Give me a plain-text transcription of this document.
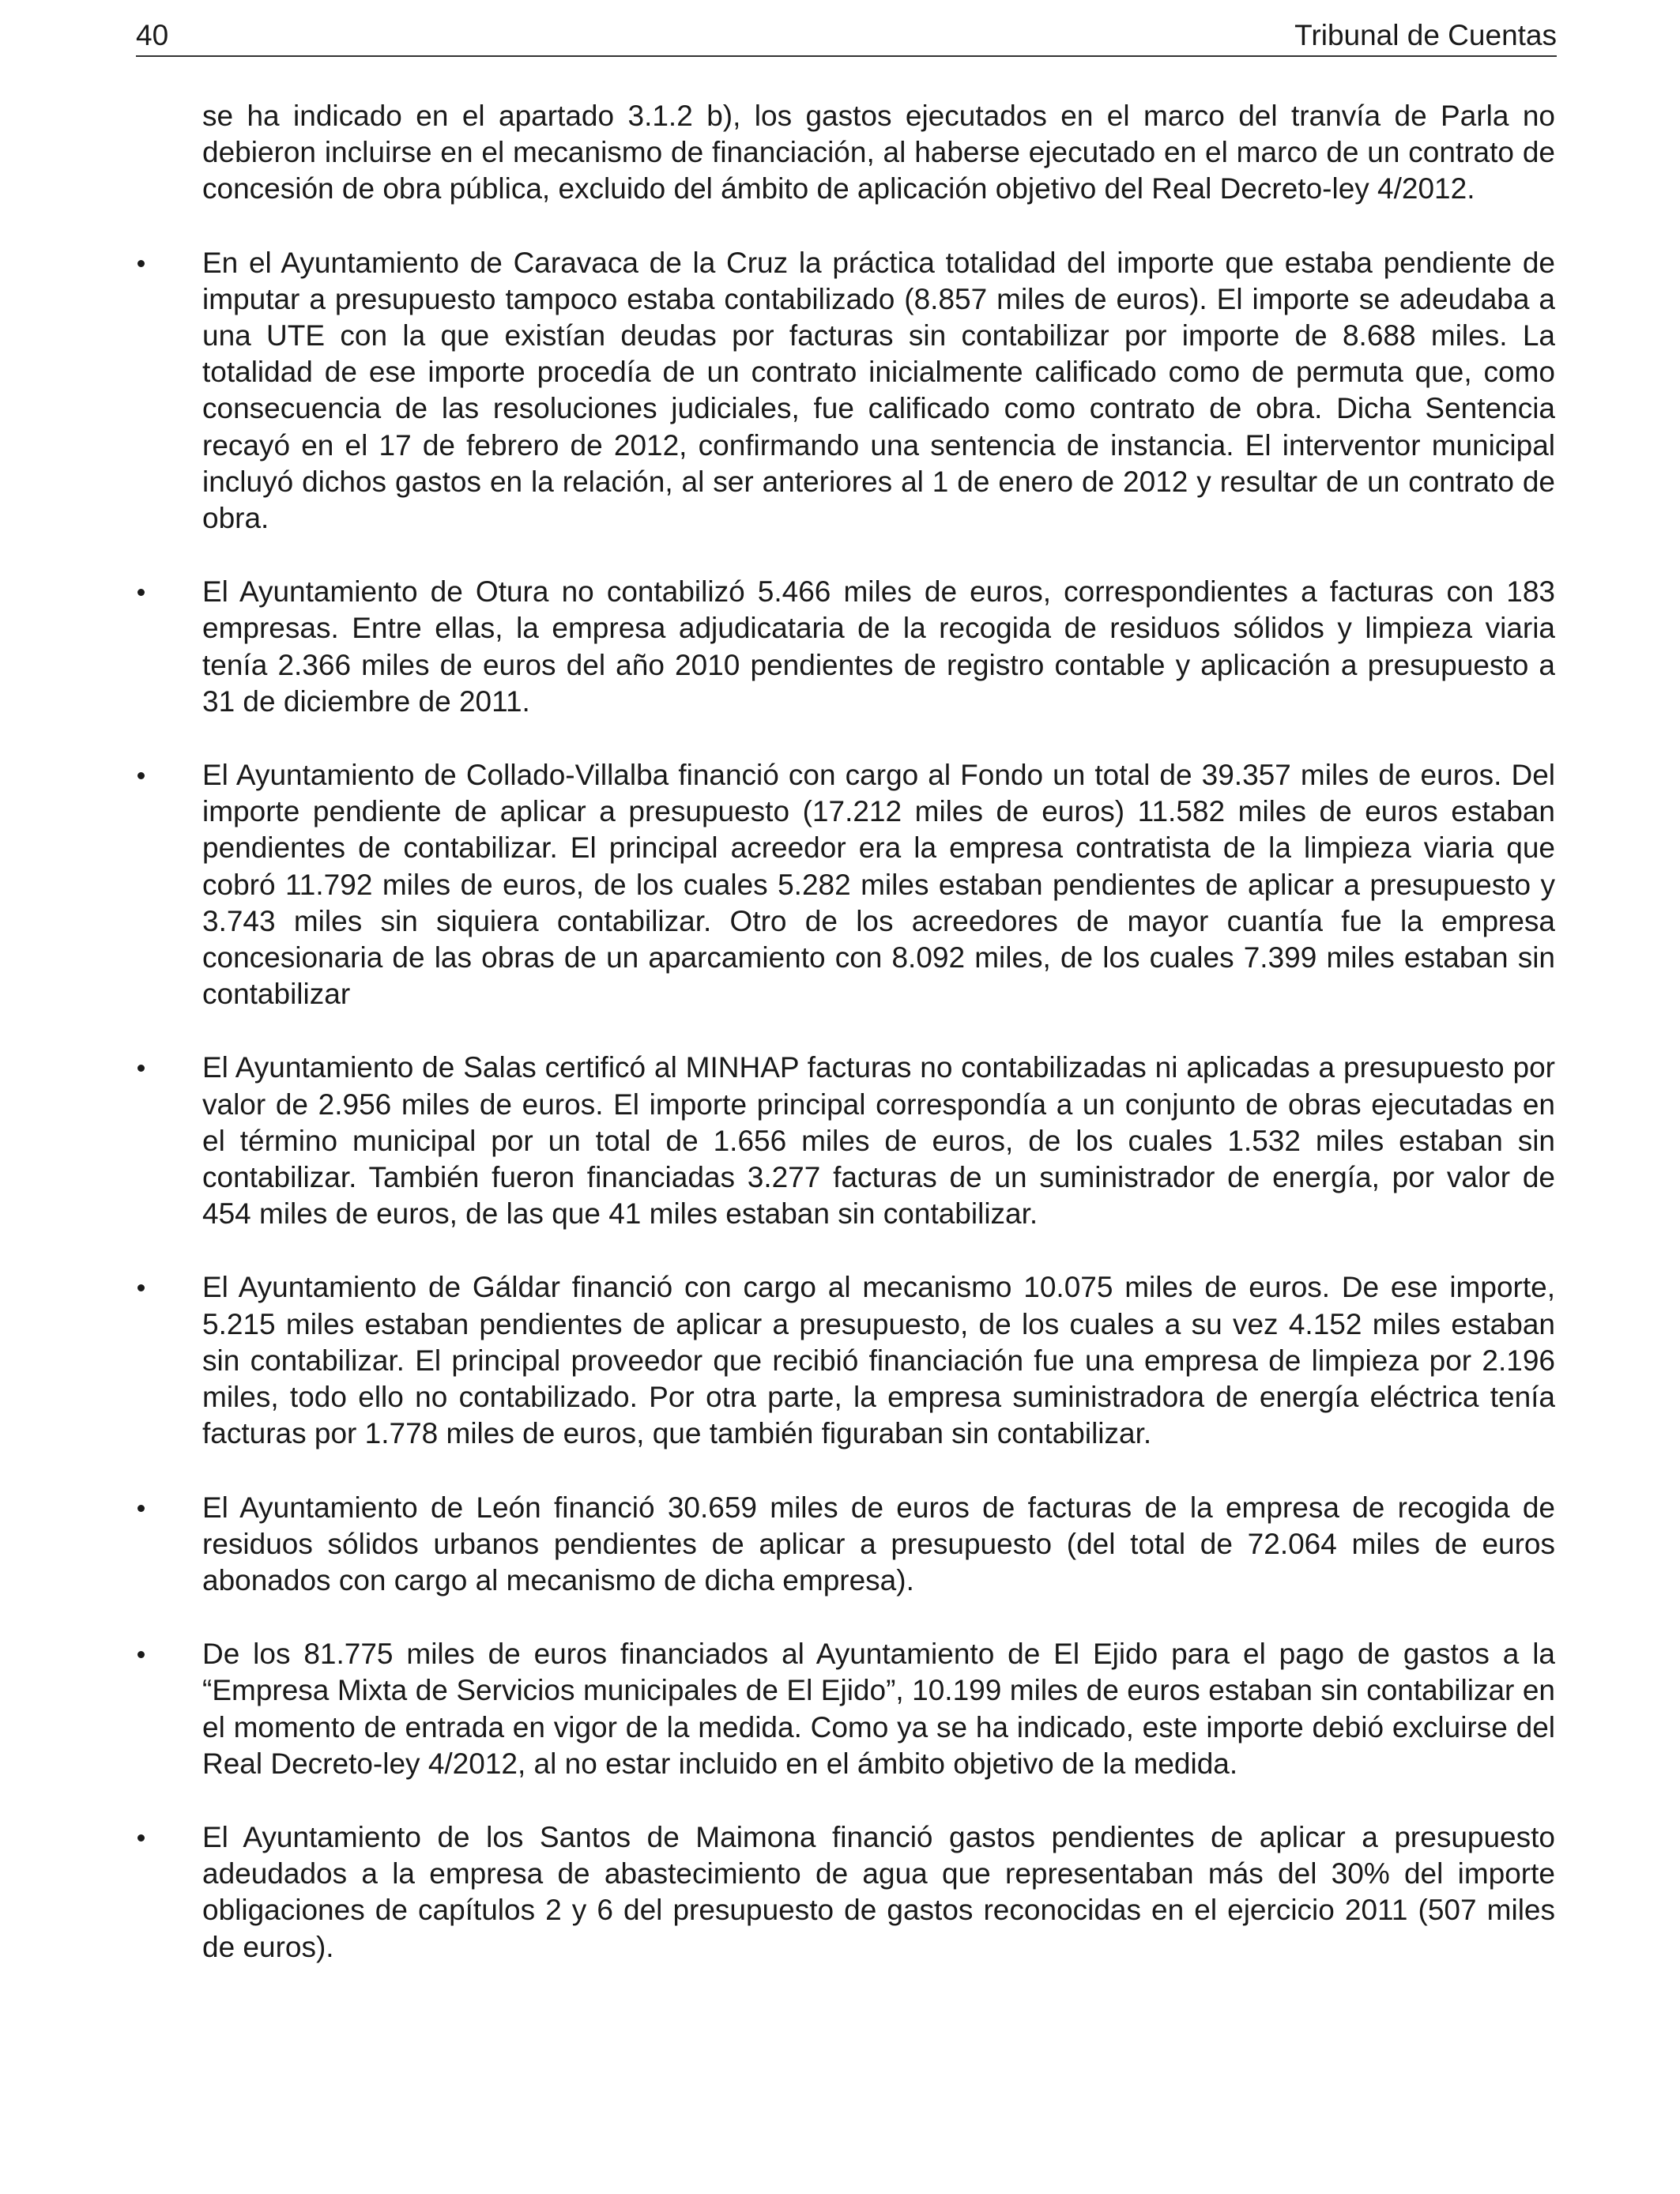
40	Tribunal de Cuentas

se ha indicado en el apartado 3.1.2 b), los gastos ejecutados en el marco del tranvía de Parla no debieron incluirse en el mecanismo de financiación, al haberse ejecutado en el marco de un contrato de concesión de obra pública, excluido del ámbito de aplicación objetivo del Real Decreto-ley 4/2012.

En el Ayuntamiento de Caravaca de la Cruz la práctica totalidad del importe que estaba pendiente de imputar a presupuesto tampoco estaba contabilizado (8.857 miles de euros). El importe se adeudaba a una UTE con la que existían deudas por facturas sin contabilizar por importe de 8.688 miles. La totalidad de ese importe procedía de un contrato inicialmente calificado como de permuta que, como consecuencia de las resoluciones judiciales, fue calificado como contrato de obra. Dicha Sentencia recayó en el 17 de febrero de 2012, confirmando una sentencia de instancia. El interventor municipal incluyó dichos gastos en la relación, al ser anteriores al 1 de enero de 2012 y resultar de un contrato de obra.
El Ayuntamiento de Otura no contabilizó 5.466 miles de euros, correspondientes a facturas con 183 empresas. Entre ellas, la empresa adjudicataria de la recogida de residuos sólidos y limpieza viaria tenía 2.366 miles de euros del año 2010 pendientes de registro contable y aplicación a presupuesto a 31 de diciembre de 2011.
El Ayuntamiento de Collado-Villalba financió con cargo al Fondo un total de 39.357 miles de euros. Del importe pendiente de aplicar a presupuesto (17.212 miles de euros) 11.582 miles de euros estaban pendientes de contabilizar. El principal acreedor era la empresa contratista de la limpieza viaria que cobró 11.792 miles de euros, de los cuales 5.282 miles estaban pendientes de aplicar a presupuesto y 3.743 miles sin siquiera contabilizar. Otro de los acreedores de mayor cuantía fue la empresa concesionaria de las obras de un aparcamiento con 8.092 miles, de los cuales 7.399 miles estaban sin contabilizar
El Ayuntamiento de Salas certificó al MINHAP facturas no contabilizadas ni aplicadas a presupuesto por valor de 2.956 miles de euros. El importe principal correspondía a un conjunto de obras ejecutadas en el término municipal por un total de 1.656 miles de euros, de los cuales 1.532 miles estaban sin contabilizar. También fueron financiadas 3.277 facturas de un suministrador de energía, por valor de 454 miles de euros, de las que 41 miles estaban sin contabilizar.
El Ayuntamiento de Gáldar financió con cargo al mecanismo 10.075 miles de euros. De ese importe, 5.215 miles estaban pendientes de aplicar a presupuesto, de los cuales a su vez 4.152 miles estaban sin contabilizar. El principal proveedor que recibió financiación fue una empresa de limpieza por 2.196 miles, todo ello no contabilizado. Por otra parte, la empresa suministradora de energía eléctrica tenía facturas por 1.778 miles de euros, que también figuraban sin contabilizar.
El Ayuntamiento de León financió 30.659 miles de euros de facturas de la empresa de recogida de residuos sólidos urbanos pendientes de aplicar a presupuesto (del total de 72.064 miles de euros abonados con cargo al mecanismo de dicha empresa).
De los 81.775 miles de euros financiados al Ayuntamiento de El Ejido para el pago de gastos a la “Empresa Mixta de Servicios municipales de El Ejido”, 10.199 miles de euros estaban sin contabilizar en el momento de entrada en vigor de la medida. Como ya se ha indicado, este importe debió excluirse del Real Decreto-ley 4/2012, al no estar incluido en el ámbito objetivo de la medida.
El Ayuntamiento de los Santos de Maimona financió gastos pendientes de aplicar a presupuesto adeudados a la empresa de abastecimiento de agua que representaban más del 30% del importe obligaciones de capítulos 2 y 6 del presupuesto de gastos reconocidas en el ejercicio 2011 (507 miles de euros).
